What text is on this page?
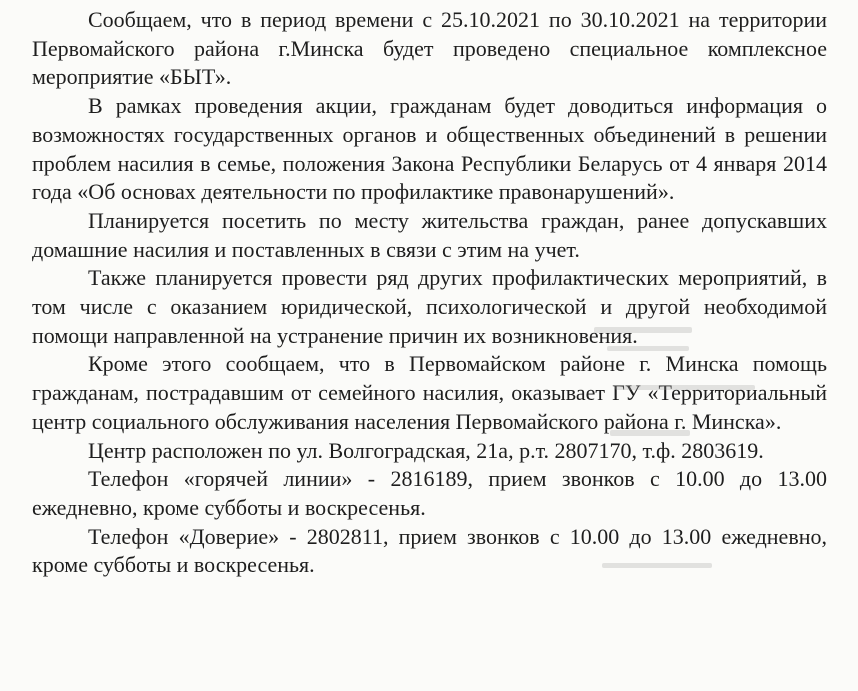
Сообщаем, что в период времени с 25.10.2021 по 30.10.2021 на территории Первомайского района г.Минска будет проведено специальное комплексное мероприятие «БЫТ».

В рамках проведения акции, гражданам будет доводиться информация о возможностях государственных органов и общественных объединений в решении проблем насилия в семье, положения Закона Республики Беларусь от 4 января 2014 года «Об основах деятельности по профилактике правонарушений».

Планируется посетить по месту жительства граждан, ранее допускавших домашние насилия и поставленных в связи с этим на учет.

Также планируется провести ряд других профилактических мероприятий, в том числе с оказанием юридической, психологической и другой необходимой помощи направленной на устранение причин их возникновения.

Кроме этого сообщаем, что в Первомайском районе г. Минска помощь гражданам, пострадавшим от семейного насилия, оказывает ГУ «Территориальный центр социального обслуживания населения Первомайского района г. Минска».

Центр расположен по ул. Волгоградская, 21а, р.т. 2807170, т.ф. 2803619.

Телефон «горячей линии» - 2816189, прием звонков с 10.00 до 13.00 ежедневно, кроме субботы и воскресенья.

Телефон «Доверие» - 2802811, прием звонков с 10.00 до 13.00 ежедневно, кроме субботы и воскресенья.
